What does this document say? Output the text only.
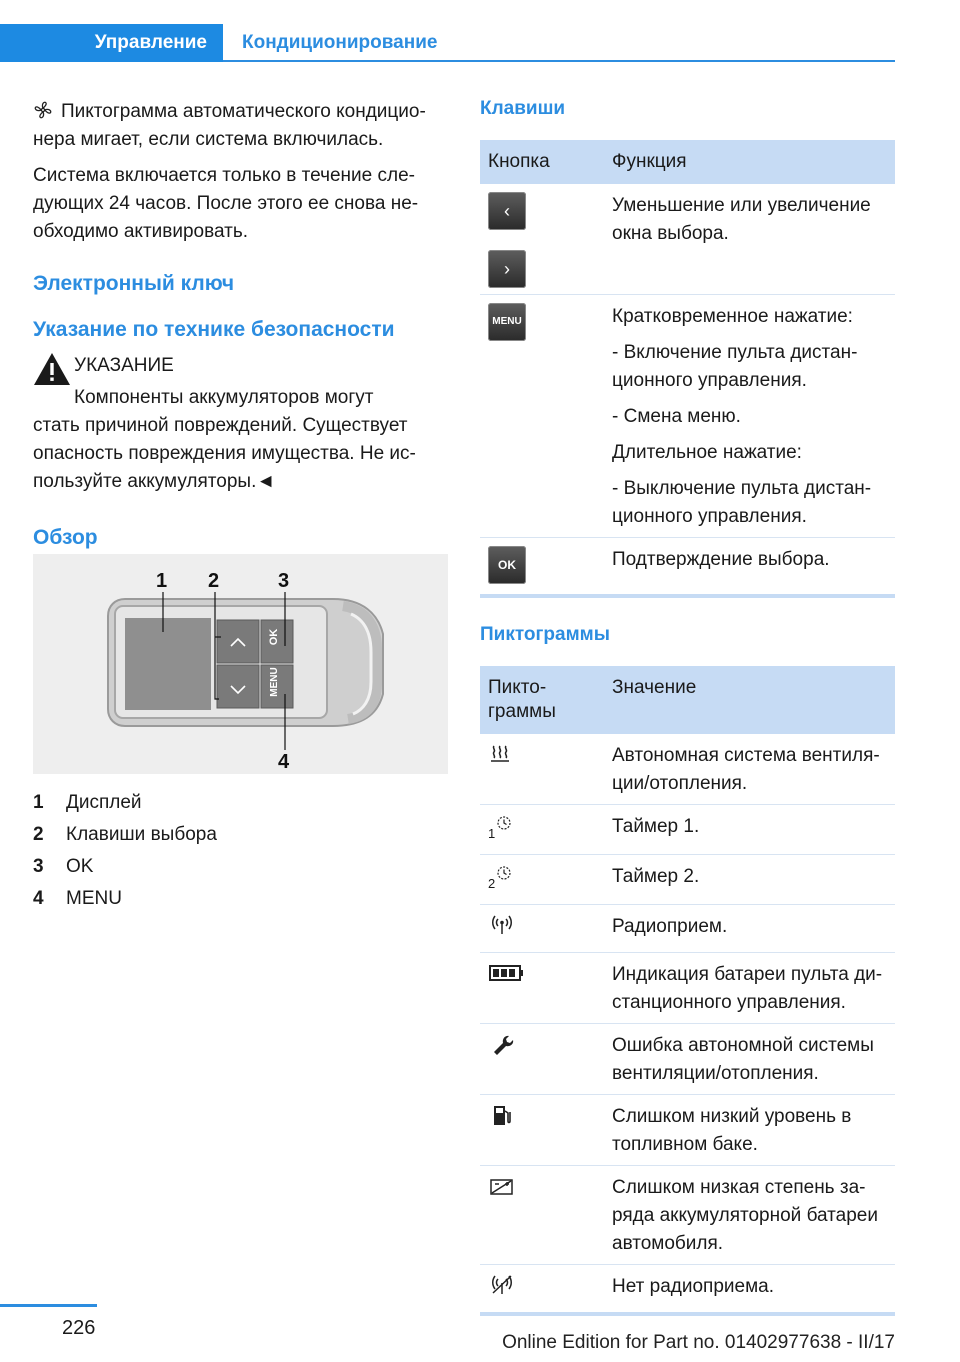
Управление	Кондиционирование

Пиктограмма автоматического кондиционера мигает, если система включилась.

Система включается только в течение следующих 24 часов. После этого ее снова необходимо активировать.

Электронный ключ
Указание по технике безопасности

УКАЗАНИЕ

Компоненты аккумуляторов могут

стать причиной повреждений. Существует опасность повреждения имущества. Не используйте аккумуляторы.◄

Обзор
OK
MENU
1 2	3
4
1	Дисплей
2	Клавиши выбора
3	OK
4	MENU
Клавиши
Кнопка	Функция

‹
›	Уменьшение или увеличение окна выбора.

MENU	Кратковременное нажатие:

- Включение пульта дистанционного управления.

- Смена меню.

Длительное нажатие:

- Выключение пульта дистанционного управления.

OK	Подтверждение выбора.
Пиктограммы
Пиктограммы	Значение
	Автономная система вентиляции/отопления.
$_1$	Таймер 1.
$_2$	Таймер 2.
	Радиоприем.
	Индикация батареи пульта дистанционного управления.
	Ошибка автономной системы вентиляции/отопления.
	Слишком низкий уровень в топливном баке.
	Слишком низкая степень заряда аккумуляторной батареи автомобиля.
	Нет радиоприема.
226
Online Edition for Part no. 01402977638 - II/17
